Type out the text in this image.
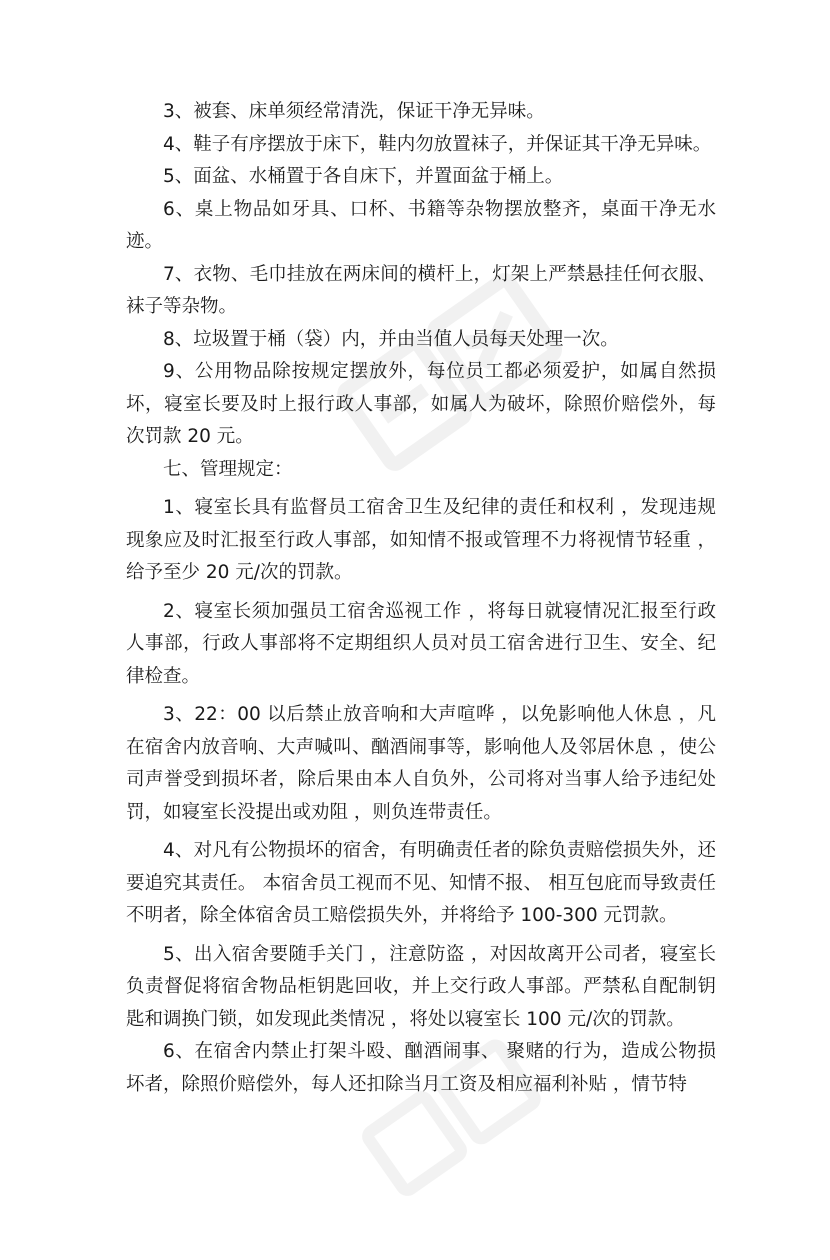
3、被套、床单须经常清洗，保证干净无异味。

4、鞋子有序摆放于床下，鞋内勿放置袜子，并保证其干净无异味。

5、面盆、水桶置于各自床下，并置面盆于桶上。

6、桌上物品如牙具、口杯、书籍等杂物摆放整齐，桌面干净无水迹。

7、衣物、毛巾挂放在两床间的横杆上，灯架上严禁悬挂任何衣服、袜子等杂物。

8、垃圾置于桶（袋）内，并由当值人员每天处理一次。

9、公用物品除按规定摆放外，每位员工都必须爱护，如属自然损坏，寝室长要及时上报行政人事部，如属人为破坏，除照价赔偿外，每次罚款 20 元。

七、管理规定：

1、寝室长具有监督员工宿舍卫生及纪律的责任和权利 ，发现违规现象应及时汇报至行政人事部，如知情不报或管理不力将视情节轻重 ，给予至少 20 元/次的罚款。

2、寝室长须加强员工宿舍巡视工作 ，将每日就寝情况汇报至行政人事部，行政人事部将不定期组织人员对员工宿舍进行卫生、安全、纪律检查。

3、22：00 以后禁止放音响和大声喧哗 ，以免影响他人休息 ，凡在宿舍内放音响、大声喊叫、酗酒闹事等，影响他人及邻居休息 ，使公司声誉受到损坏者，除后果由本人自负外，公司将对当事人给予违纪处罚，如寝室长没提出或劝阻 ，则负连带责任。

4、对凡有公物损坏的宿舍，有明确责任者的除负责赔偿损失外，还要追究其责任。 本宿舍员工视而不见、知情不报、 相互包庇而导致责任不明者，除全体宿舍员工赔偿损失外，并将给予 100-300 元罚款。

5、出入宿舍要随手关门 ，注意防盗 ，对因故离开公司者，寝室长负责督促将宿舍物品柜钥匙回收，并上交行政人事部。严禁私自配制钥匙和调换门锁，如发现此类情况 ，将处以寝室长 100 元/次的罚款。

6、在宿舍内禁止打架斗殴、酗酒闹事、 聚赌的行为，造成公物损坏者，除照价赔偿外，每人还扣除当月工资及相应福利补贴 ，情节特
